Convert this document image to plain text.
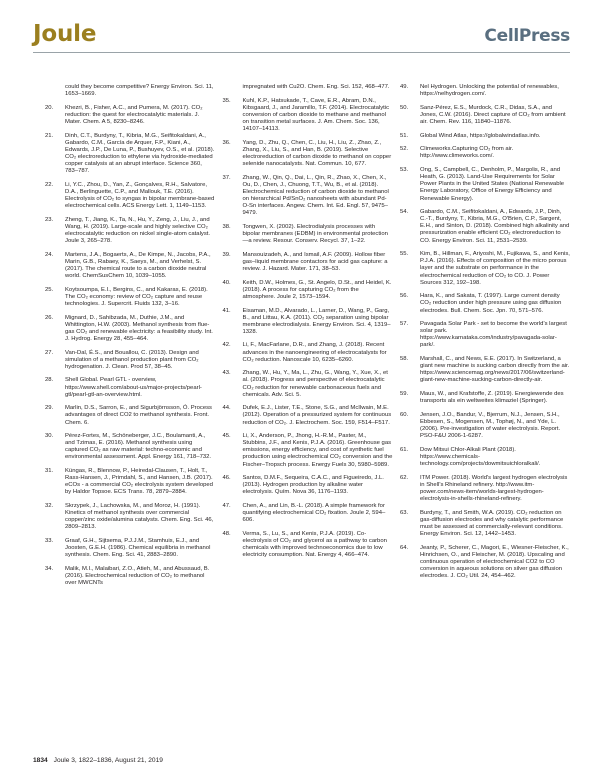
Joule	CellPress
could they become competitive? Energy Environ. Sci. 11, 1653–1669.
20. Khezri, B., Fisher, A.C., and Pumera, M. (2017). CO₂ reduction: the quest for electrocatalytic materials. J. Mater. Chem. A 5, 8230–8246.
21. Dinh, C.T., Burdyny, T., Kibria, M.G., Seifitokaldani, A., Gabardo, C.M., García de Arquer, F.P., Kiani, A., Edwards, J.P., De Luna, P., Bushuyev, O.S., et al. (2018). CO₂ electroreduction to ethylene via hydroxide-mediated copper catalysis at an abrupt interface. Science 360, 783–787.
22. Li, Y.C., Zhou, D., Yan, Z., Gonçalves, R.H., Salvatore, D.A., Berlinguette, C.P., and Mallouk, T.E. (2016). Electrolysis of CO₂ to syngas in bipolar membrane-based electrochemical cells. ACS Energy Lett. 1, 1149–1153.
23. Zheng, T., Jiang, K., Ta, N., Hu, Y., Zeng, J., Liu, J., and Wang, H. (2019). Large-scale and highly selective CO₂ electrocatalytic reduction on nickel single-atom catalyst. Joule 3, 265–278.
24. Martens, J.A., Bogaerts, A., De Kimpe, N., Jacobs, P.A., Marin, G.B., Rabaey, K., Saeys, M., and Verhelst, S. (2017). The chemical route to a carbon dioxide neutral world. ChemSusChem 10, 1039–1055.
25. Koytsoumpa, E.I., Bergins, C., and Kakaras, E. (2018). The CO₂ economy: review of CO₂ capture and reuse technologies. J. Supercrit. Fluids 132, 3–16.
26. Mignard, D., Sahibzada, M., Duthie, J.M., and Whittington, H.W. (2003). Methanol synthesis from flue-gas CO₂ and renewable electricity: a feasibility study. Int. J. Hydrog. Energy 28, 455–464.
27. Van-Dal, É.S., and Bouallou, C. (2013). Design and simulation of a methanol production plant from CO₂ hydrogenation. J. Clean. Prod 57, 38–45.
28. Shell Global. Pearl GTL - overview, https://www.shell.com/about-us/major-projects/pearl-gtl/pearl-gtl-an-overview.html.
29. Marlin, D.S., Sarron, E., and Sigurbjörnsson, Ó. Process advantages of direct CO2 to methanol synthesis. Front. Chem. 6.
30. Pérez-Fortes, M., Schöneberger, J.C., Boulamanti, A., and Tzimas, E. (2016). Methanol synthesis using captured CO₂ as raw material: techno-economic and environmental assessment. Appl. Energy 161, 718–732.
31. Küngas, R., Blennow, P., Heiredal-Clausen, T., Holt, T., Rass-Hansen, J., Primdahl, S., and Hansen, J.B. (2017). eCOs - a commercial CO₂ electrolysis system developed by Haldor Topsoe. ECS Trans. 78, 2879–2884.
32. Skrzypek, J., Lachowska, M., and Moroz, H. (1991). Kinetics of methanol synthesis over commercial copper/zinc oxide/alumina catalysts. Chem. Eng. Sci. 46, 2809–2813.
33. Graaf, G.H., Sijtsema, P.J.J.M., Stamhuis, E.J., and Joosten, G.E.H. (1986). Chemical equilibria in methanol synthesis. Chem. Eng. Sci. 41, 2883–2890.
34. Malik, M.I., Malaibari, Z.O., Atieh, M., and Abussaud, B. (2016). Electrochemical reduction of CO₂ to methanol over MWCNTs
impregnated with Cu2O. Chem. Eng. Sci. 152, 468–477.
35. Kuhl, K.P., Hatsukade, T., Cave, E.R., Abram, D.N., Kibsgaard, J., and Jaramillo, T.F. (2014). Electrocatalytic conversion of carbon dioxide to methane and methanol on transition metal surfaces. J. Am. Chem. Soc. 136, 14107–14113.
36. Yang, D., Zhu, Q., Chen, C., Liu, H., Liu, Z., Zhao, Z., Zhang, X., Liu, S., and Han, B. (2019). Selective electroreduction of carbon dioxide to methanol on copper selenide nanocatalysts. Nat. Commun. 10, 677.
37. Zhang, W., Qin, Q., Dai, L., Qin, R., Zhao, X., Chen, X., Ou, D., Chen, J., Chuong, T.T., Wu, B., et al. (2018). Electrochemical reduction of carbon dioxide to methanol on hierarchical Pd/SnO₂ nanosheets with abundant Pd-O-Sn interfaces. Angew. Chem. Int. Ed. Engl. 57, 9475–9479.
38. Tongwen, X. (2002). Electrodialysis processes with bipolar membranes (EDBM) in environmental protection—a review. Resour. Conserv. Recycl. 37, 1–22.
39. Mansouizadeh, A., and Ismail, A.F. (2009). Hollow fiber gas–liquid membrane contactors for acid gas capture: a review. J. Hazard. Mater. 171, 38–53.
40. Keith, D.W., Holmes, G., St. Angelo, D.St., and Heidel, K. (2018). A process for capturing CO₂ from the atmosphere. Joule 2, 1573–1594.
41. Eisaman, M.D., Alvarado, L., Larner, D., Wang, P., Garg, B., and Littau, K.A. (2011). CO₂ separation using bipolar membrane electrodialysis. Energy Environ. Sci. 4, 1319–1328.
42. Li, F., MacFarlane, D.R., and Zhang, J. (2018). Recent advances in the nanoengineering of electrocatalysts for CO₂ reduction. Nanoscale 10, 6235–6260.
43. Zhang, W., Hu, Y., Ma, L., Zhu, G., Wang, Y., Xue, X., et al. (2018). Progress and perspective of electrocatalytic CO₂ reduction for renewable carbonaceous fuels and chemicals. Adv. Sci. 5.
44. Dufek, E.J., Lister, T.E., Stone, S.G., and McIlwain, M.E. (2012). Operation of a pressurized system for continuous reduction of CO₂. J. Electrochem. Soc. 159, F514–F517.
45. Li, X., Anderson, P., Jhong, H.-R.M., Paster, M., Stubbins, J.F., and Kenis, P.J.A. (2016). Greenhouse gas emissions, energy efficiency, and cost of synthetic fuel production using electrochemical CO₂ conversion and the Fischer–Tropsch process. Energy Fuels 30, 5980–5989.
46. Santos, D.M.F., Sequeira, C.A.C., and Figueiredo, J.L. (2013). Hydrogen production by alkaline water electrolysis. Quím. Nova 36, 1176–1193.
47. Chen, A., and Lin, B.-L. (2018). A simple framework for quantifying electrochemical CO₂ fixation. Joule 2, 594–606.
48. Verma, S., Lu, S., and Kenis, P.J.A. (2019). Co-electrolysis of CO₂ and glycerol as a pathway to carbon chemicals with improved technoeconomics due to low electricity consumption. Nat. Energy 4, 466–474.
49. Nel Hydrogen. Unlocking the potential of renewables, https://nelhydrogen.com/.
50. Sanz-Pérez, E.S., Murdock, C.R., Didas, S.A., and Jones, C.W. (2016). Direct capture of CO₂ from ambient air. Chem. Rev. 116, 11840–11876.
51. Global Wind Atlas, https://globalwindatlas.info.
52. Climeworks.Capturing CO₂ from air. http://www.climeworks.com/.
53. Ong, S., Campbell, C., Denholm, P., Margolis, R., and Heath, G. (2013). Land-Use Requirements for Solar Power Plants in the United States (National Renewable Energy Laboratory, Office of Energy Efficiency and Renewable Energy).
54. Gabardo, C.M., Seifitokaldani, A., Edwards, J.P., Dinh, C.-T., Burdyny, T., Kibria, M.G., O'Brien, C.P., Sargent, E.H., and Sinton, D. (2018). Combined high alkalinity and pressurization enable efficient CO₂ electroreduction to CO. Energy Environ. Sci. 11, 2531–2539.
55. Kim, B., Hillman, F., Ariyoshi, M., Fujikawa, S., and Kenis, P.J.A. (2016). Effects of composition of the micro porous layer and the substrate on performance in the electrochemical reduction of CO₂ to CO. J. Power Sources 312, 192–198.
56. Hara, K., and Sakata, T. (1997). Large current density CO₂ reduction under high pressure using gas diffusion electrodes. Bull. Chem. Soc. Jpn. 70, 571–576.
57. Pavagada Solar Park - set to become the world's largest solar park. https://www.karnataka.com/industry/pavagada-solar-park/.
58. Marshall, C., and News, E.E. (2017). In Switzerland, a giant new machine is sucking carbon directly from the air. https://www.sciencemag.org/news/2017/06/switzerland-giant-new-machine-sucking-carbon-directly-air.
59. Maus, W., and Krafstoffe, Z. (2019). Energiewende des transports als ein weltweites klimaziel (Springer).
60. Jensen, J.O., Bandur, V., Bjerrum, N.J., Jensen, S.H., Ebbesen, S., Mogensen, M., Tophøj, N., and Yde, L. (2006). Pre-investigation of water electrolysis. Report. PSO-F&U 2006-1-6287.
61. Dow Mitsui Chlor-Alkali Plant (2018). https://www.chemicals-technology.com/projects/dowmitsuichloralkali/.
62. ITM Power. (2018). World's largest hydrogen electrolysis in Shell's Rhineland refinery. http://www.itm-power.com/news-item/worlds-largest-hydrogen-electrolysis-in-shells-rhineland-refinery.
63. Burdyny, T., and Smith, W.A. (2019). CO₂ reduction on gas-diffusion electrodes and why catalytic performance must be assessed at commercially-relevant conditions. Energy Environ. Sci. 12, 1442–1453.
64. Jeanty, P., Scherer, C., Magori, E., Wiesner-Fleischer, K., Hinrichsen, O., and Fleischer, M. (2018). Upscaling and continuous operation of electrochemical CO2 to CO conversion in aqueous solutions on silver gas diffusion electrodes. J. CO₂ Util. 24, 454–462.
1834 Joule 3, 1822–1836, August 21, 2019
